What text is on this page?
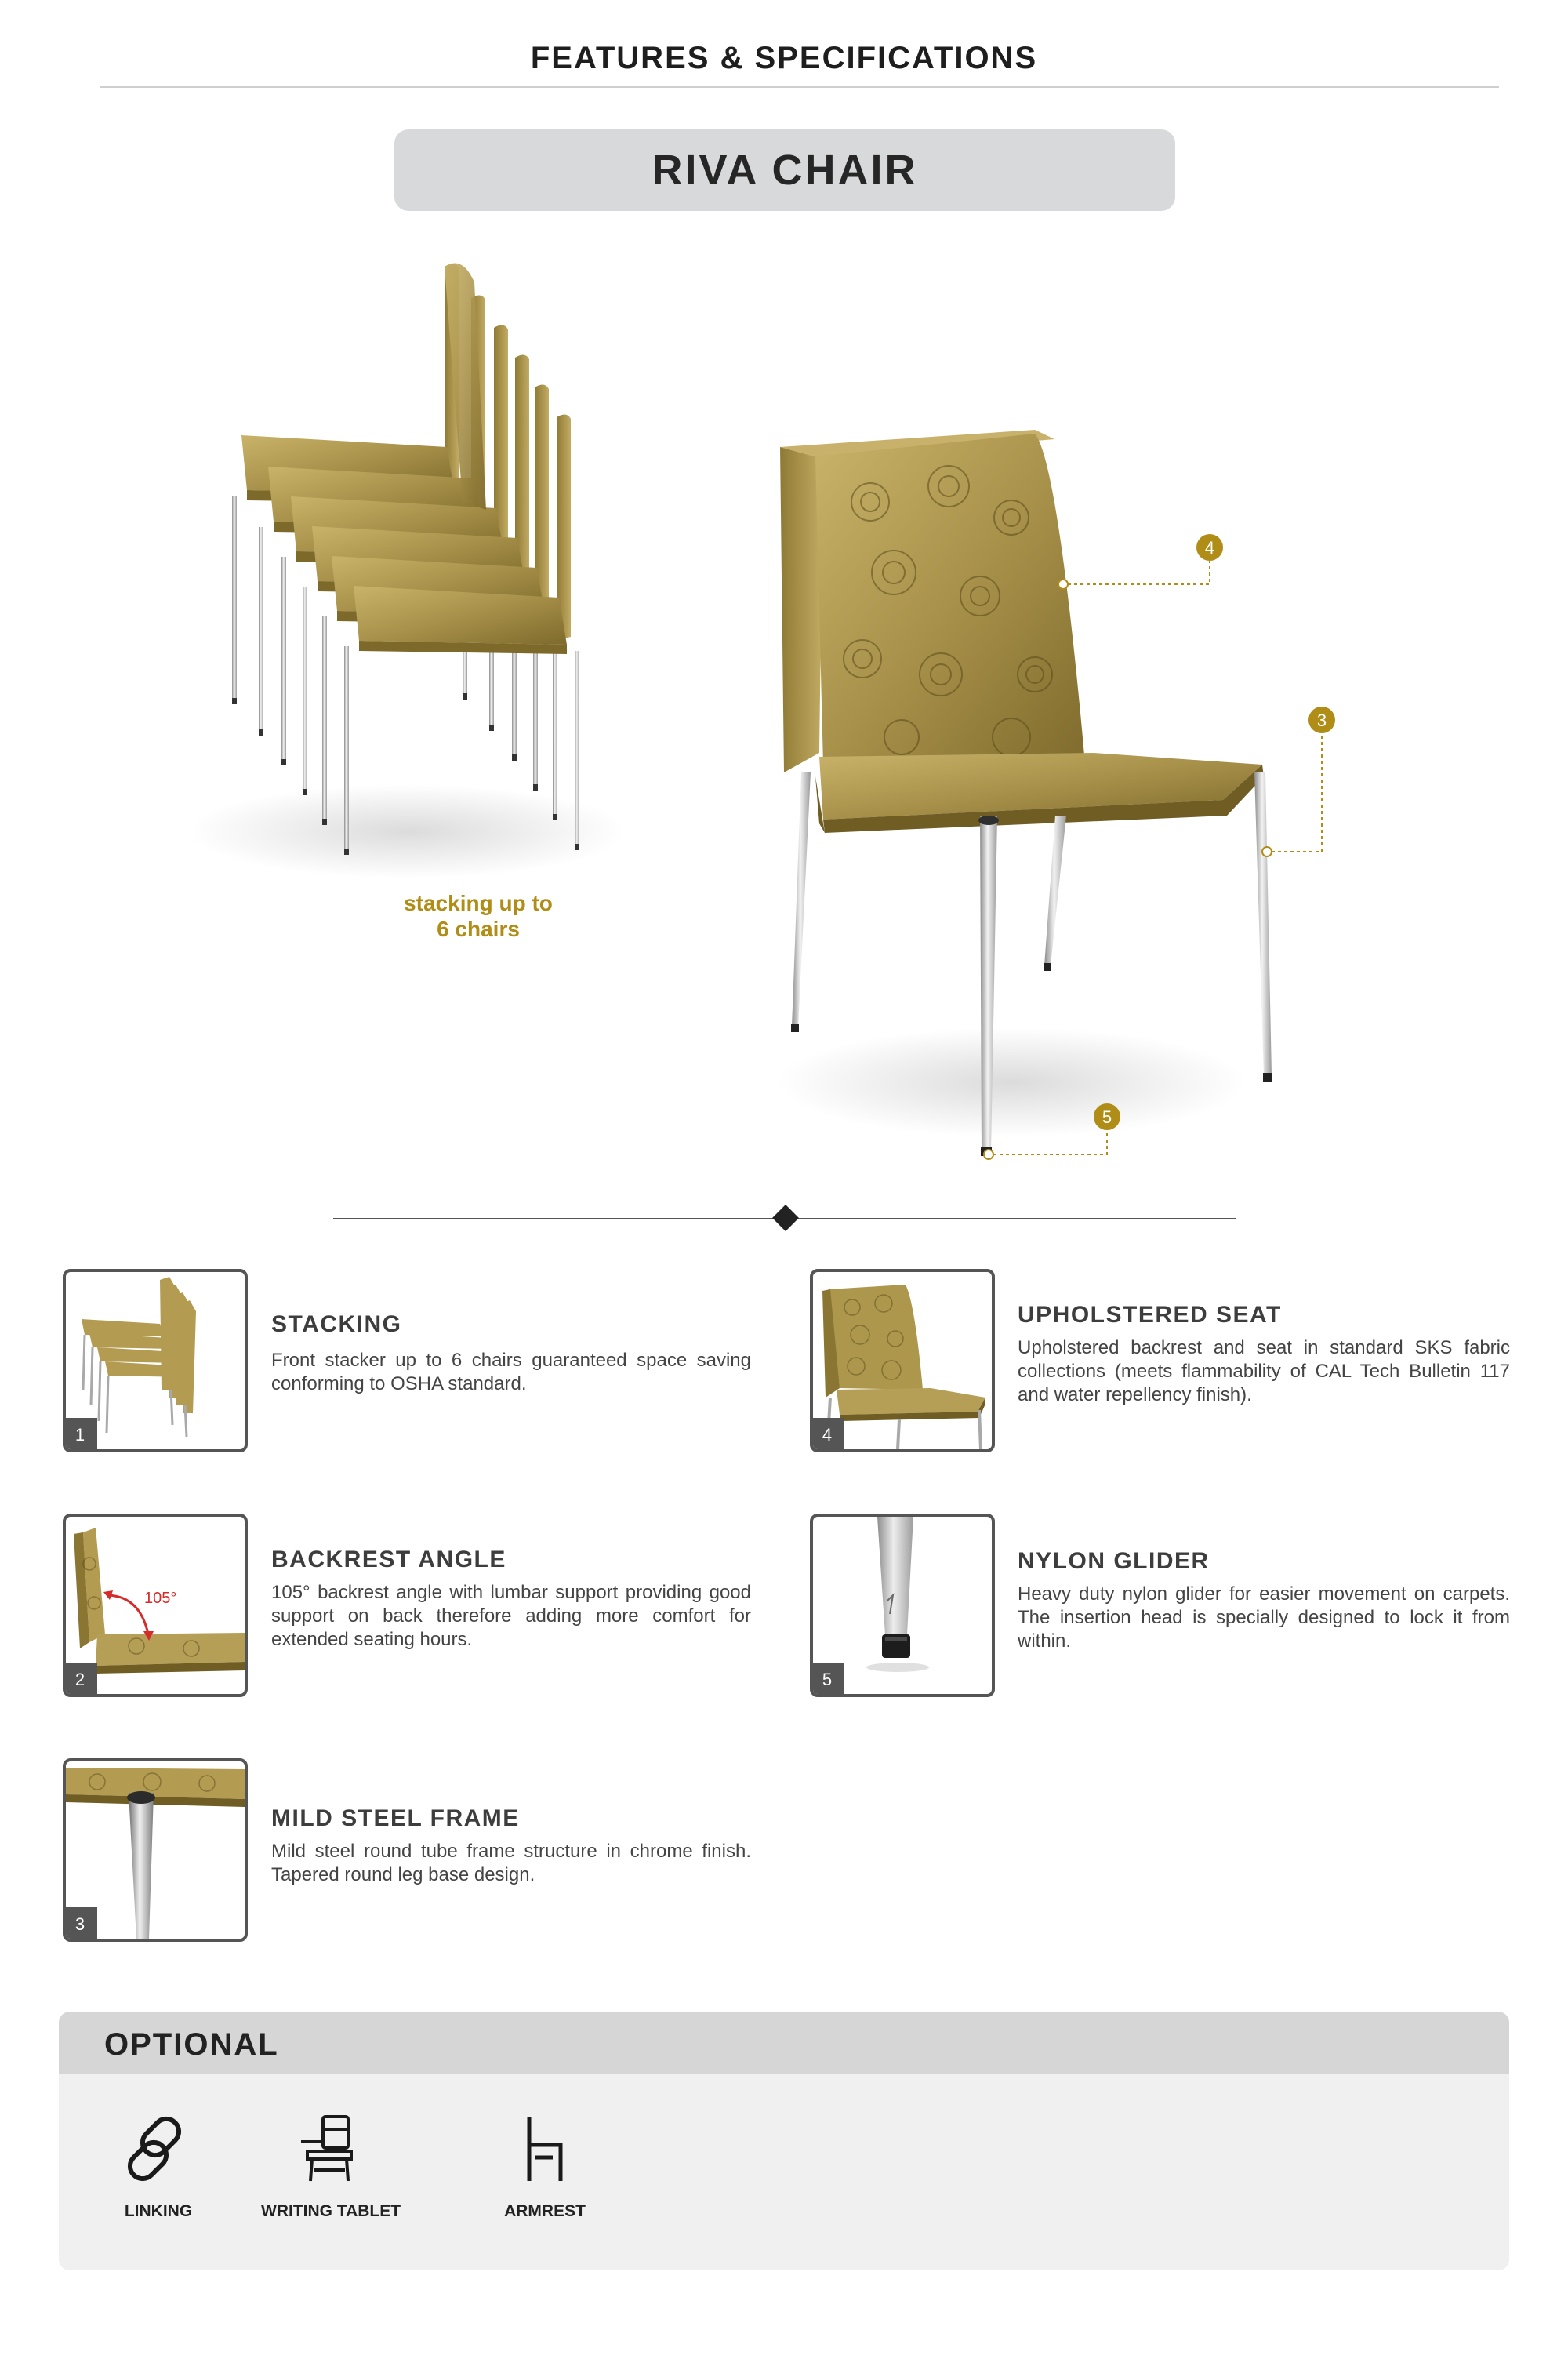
FEATURES & SPECIFICATIONS
RIVA CHAIR
4
3
5
stacking up to
6 chairs
1
STACKING
Front stacker up to 6 chairs guaranteed space saving conforming to OSHA standard.
4
UPHOLSTERED SEAT
Upholstered backrest and seat in standard SKS fabric collections (meets flammability of CAL Tech Bulletin 117 and water repellency finish).
105°
2
BACKREST ANGLE
105° backrest angle with lumbar support providing good support on back therefore adding more comfort for extended seating hours.
5
NYLON GLIDER
Heavy duty nylon glider for easier movement on carpets. The insertion head is specially designed to lock it from within.
3
MILD STEEL FRAME
Mild steel round tube frame structure in chrome finish. Tapered round leg base design.
OPTIONAL
LINKING	WRITING TABLET	ARMREST
